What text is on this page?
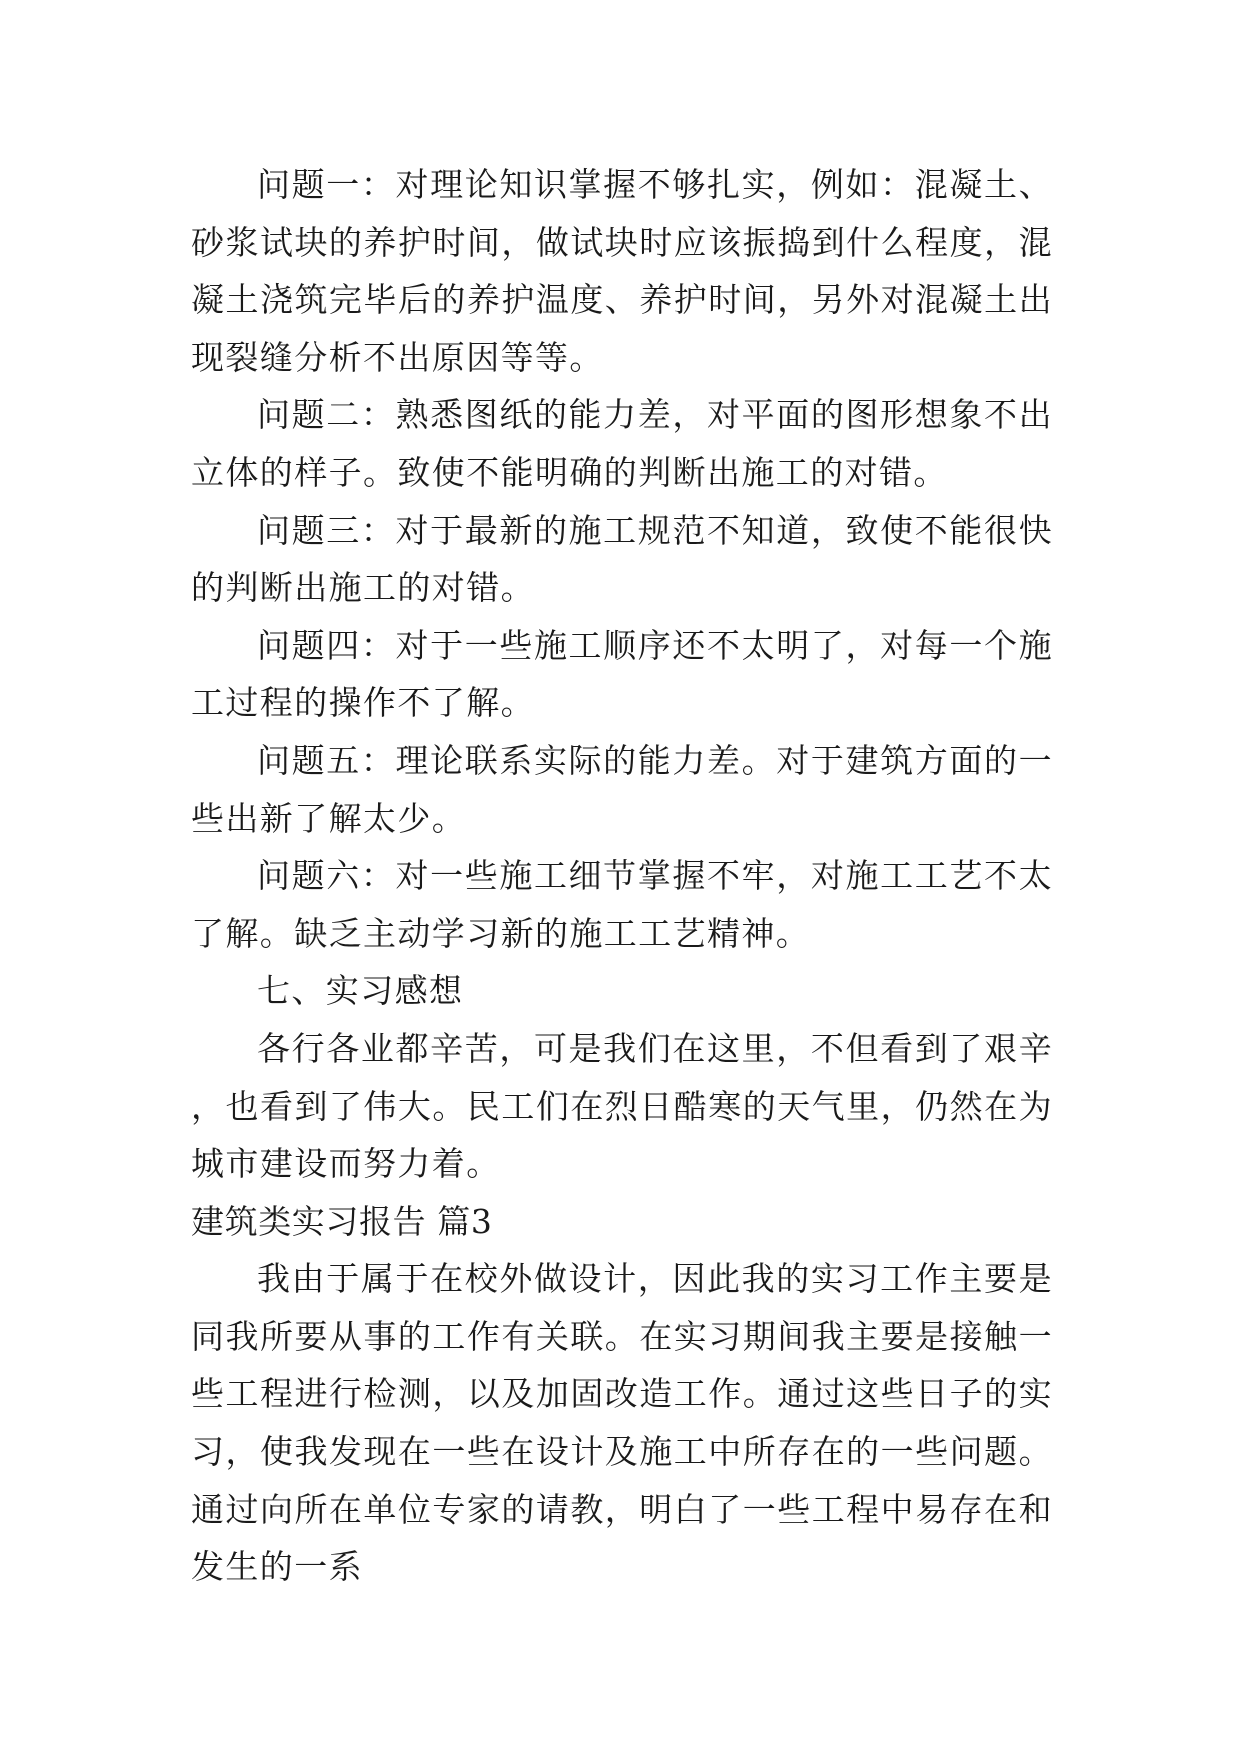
问题一：对理论知识掌握不够扎实，例如：混凝土、砂浆试块的养护时间，做试块时应该振捣到什么程度，混凝土浇筑完毕后的养护温度、养护时间，另外对混凝土出现裂缝分析不出原因等等。

问题二：熟悉图纸的能力差，对平面的图形想象不出立体的样子。致使不能明确的判断出施工的对错。

问题三：对于最新的施工规范不知道，致使不能很快的判断出施工的对错。

问题四：对于一些施工顺序还不太明了，对每一个施工过程的操作不了解。

问题五：理论联系实际的能力差。对于建筑方面的一些出新了解太少。

问题六：对一些施工细节掌握不牢，对施工工艺不太了解。缺乏主动学习新的施工工艺精神。

七、实习感想

各行各业都辛苦，可是我们在这里，不但看到了艰辛，也看到了伟大。民工们在烈日酷寒的天气里，仍然在为城市建设而努力着。

建筑类实习报告 篇3

我由于属于在校外做设计，因此我的实习工作主要是同我所要从事的工作有关联。在实习期间我主要是接触一些工程进行检测，以及加固改造工作。通过这些日子的实习，使我发现在一些在设计及施工中所存在的一些问题。通过向所在单位专家的请教，明白了一些工程中易存在和发生的一系
